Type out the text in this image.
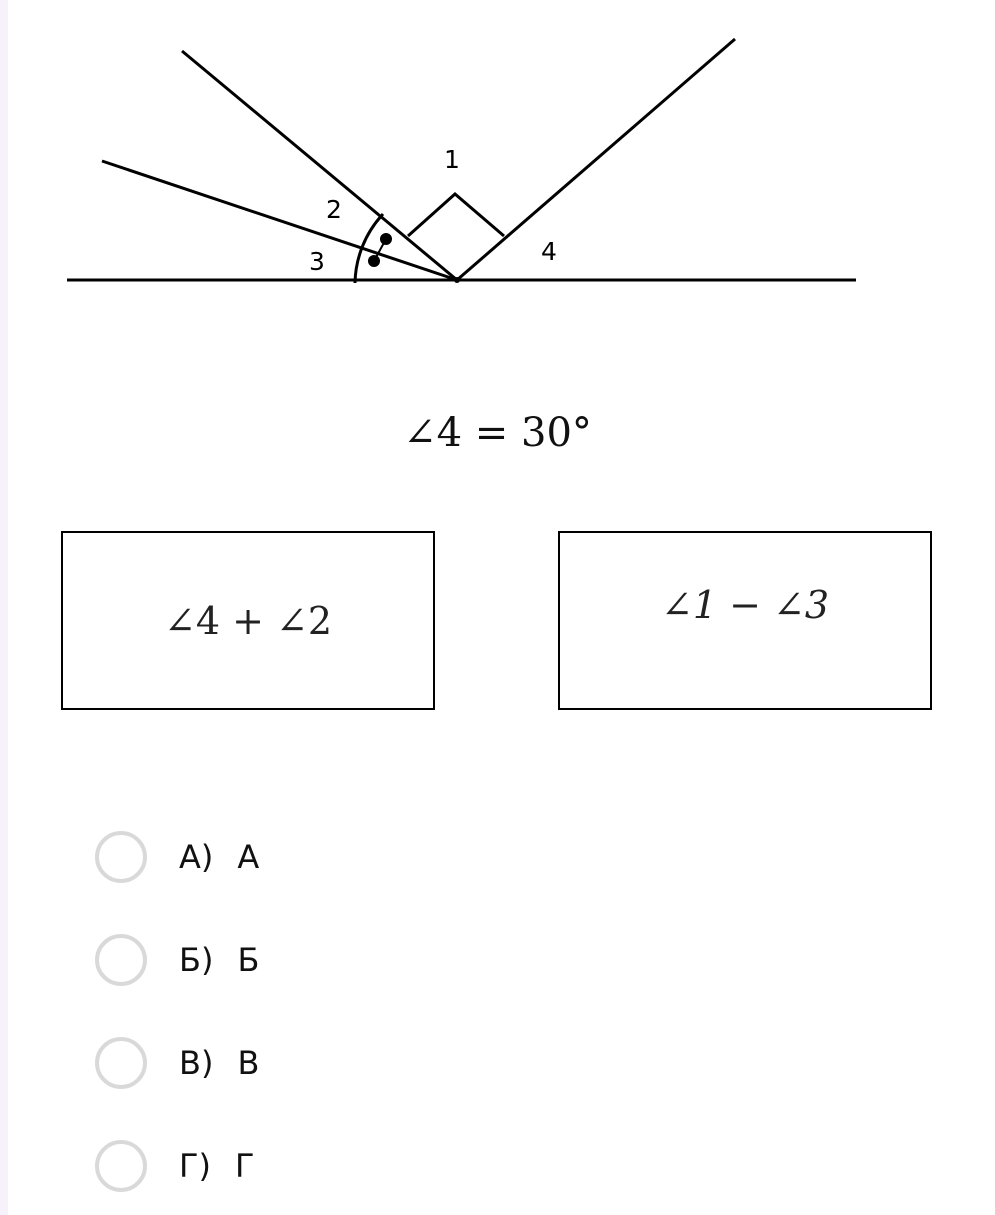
1
2
3	4
∠4 = 30°
∠4 + ∠2	∠1 − ∠3
А) А
Б) Б
В) В
Г) Г
